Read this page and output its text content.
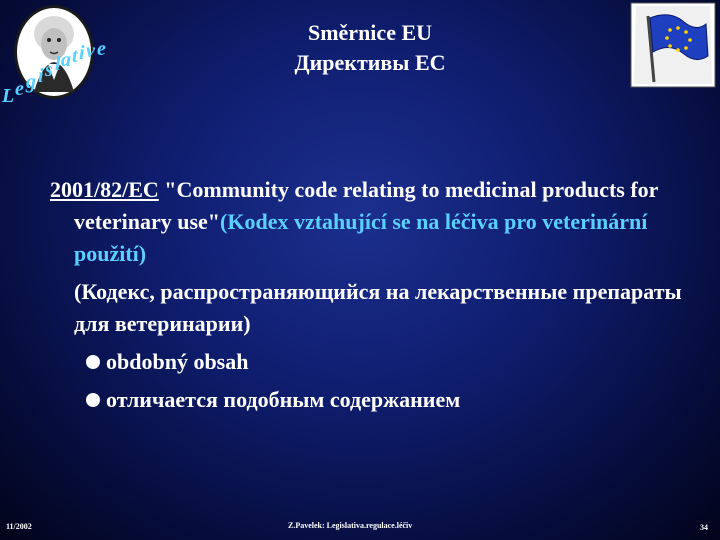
L e g i s l a t i v e
Směrnice EU
Директивы ЕС
2001/82/EC "Community code relating to medicinal products for veterinary use"(Kodex vztahující se na léčiva pro veterinární použití)
(Кодекс, распространяющийся на лекарственные препараты для ветеринарии)
obdobný obsah
отличается подобным содержанием
11/2002	Z.Pavelek: Legislativa.regulace.léčiv	34
